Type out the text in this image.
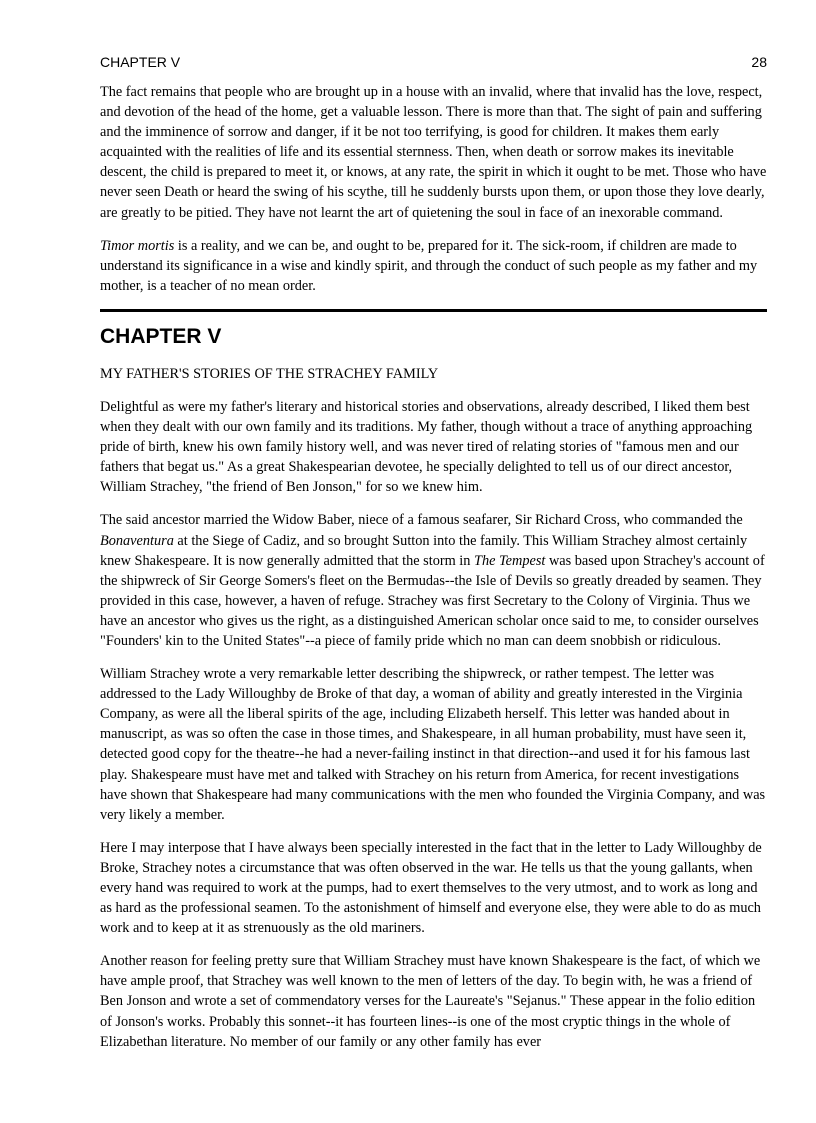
CHAPTER V	28

The fact remains that people who are brought up in a house with an invalid, where that invalid has the love, respect, and devotion of the head of the home, get a valuable lesson. There is more than that. The sight of pain and suffering and the imminence of sorrow and danger, if it be not too terrifying, is good for children. It makes them early acquainted with the realities of life and its essential sternness. Then, when death or sorrow makes its inevitable descent, the child is prepared to meet it, or knows, at any rate, the spirit in which it ought to be met. Those who have never seen Death or heard the swing of his scythe, till he suddenly bursts upon them, or upon those they love dearly, are greatly to be pitied. They have not learnt the art of quietening the soul in face of an inexorable command.

Timor mortis is a reality, and we can be, and ought to be, prepared for it. The sick-room, if children are made to understand its significance in a wise and kindly spirit, and through the conduct of such people as my father and my mother, is a teacher of no mean order.

CHAPTER V
MY FATHER'S STORIES OF THE STRACHEY FAMILY

Delightful as were my father's literary and historical stories and observations, already described, I liked them best when they dealt with our own family and its traditions. My father, though without a trace of anything approaching pride of birth, knew his own family history well, and was never tired of relating stories of "famous men and our fathers that begat us." As a great Shakespearian devotee, he specially delighted to tell us of our direct ancestor, William Strachey, "the friend of Ben Jonson," for so we knew him.

The said ancestor married the Widow Baber, niece of a famous seafarer, Sir Richard Cross, who commanded the Bonaventura at the Siege of Cadiz, and so brought Sutton into the family. This William Strachey almost certainly knew Shakespeare. It is now generally admitted that the storm in The Tempest was based upon Strachey's account of the shipwreck of Sir George Somers's fleet on the Bermudas--the Isle of Devils so greatly dreaded by seamen. They provided in this case, however, a haven of refuge. Strachey was first Secretary to the Colony of Virginia. Thus we have an ancestor who gives us the right, as a distinguished American scholar once said to me, to consider ourselves "Founders' kin to the United States"--a piece of family pride which no man can deem snobbish or ridiculous.

William Strachey wrote a very remarkable letter describing the shipwreck, or rather tempest. The letter was addressed to the Lady Willoughby de Broke of that day, a woman of ability and greatly interested in the Virginia Company, as were all the liberal spirits of the age, including Elizabeth herself. This letter was handed about in manuscript, as was so often the case in those times, and Shakespeare, in all human probability, must have seen it, detected good copy for the theatre--he had a never-failing instinct in that direction--and used it for his famous last play. Shakespeare must have met and talked with Strachey on his return from America, for recent investigations have shown that Shakespeare had many communications with the men who founded the Virginia Company, and was very likely a member.

Here I may interpose that I have always been specially interested in the fact that in the letter to Lady Willoughby de Broke, Strachey notes a circumstance that was often observed in the war. He tells us that the young gallants, when every hand was required to work at the pumps, had to exert themselves to the very utmost, and to work as long and as hard as the professional seamen. To the astonishment of himself and everyone else, they were able to do as much work and to keep at it as strenuously as the old mariners.

Another reason for feeling pretty sure that William Strachey must have known Shakespeare is the fact, of which we have ample proof, that Strachey was well known to the men of letters of the day. To begin with, he was a friend of Ben Jonson and wrote a set of commendatory verses for the Laureate's "Sejanus." These appear in the folio edition of Jonson's works. Probably this sonnet--it has fourteen lines--is one of the most cryptic things in the whole of Elizabethan literature. No member of our family or any other family has ever
